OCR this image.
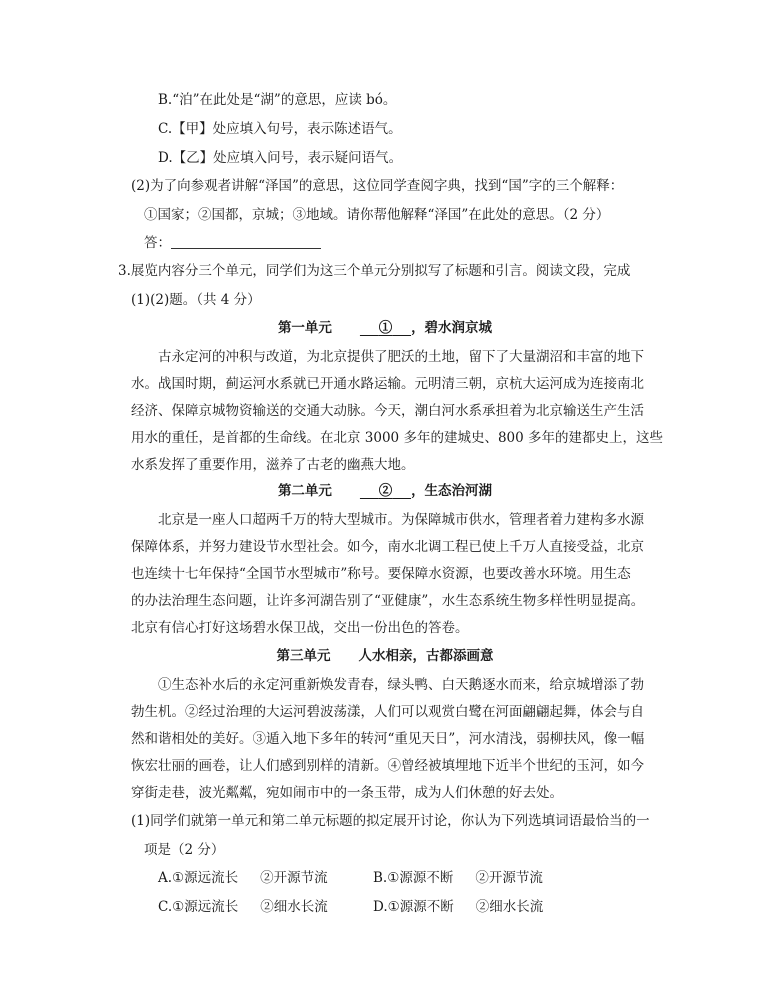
B.“泊”在此处是“湖”的意思，应读 bó。
C.【甲】处应填入句号，表示陈述语气。
D.【乙】处应填入问号，表示疑问语气。
(2)为了向参观者讲解“泽国”的意思，这位同学查阅字典，找到“国”字的三个解释：
①国家；②国都，京城；③地域。请你帮他解释“泽国”在此处的意思。（2 分）
答：
3.展览内容分三个单元，同学们为这三个单元分别拟写了标题和引言。阅读文段，完成
(1)(2)题。（共 4 分）
第一单元	① ，碧水润京城
古永定河的冲积与改道，为北京提供了肥沃的土地，留下了大量湖沼和丰富的地下
水。战国时期，蓟运河水系就已开通水路运输。元明清三朝，京杭大运河成为连接南北
经济、保障京城物资输送的交通大动脉。今天，潮白河水系承担着为北京输送生产生活
用水的重任，是首都的生命线。在北京 3000 多年的建城史、800 多年的建都史上，这些
水系发挥了重要作用，滋养了古老的幽燕大地。
第二单元	② ，生态治河湖
北京是一座人口超两千万的特大型城市。为保障城市供水，管理者着力建构多水源
保障体系，并努力建设节水型社会。如今，南水北调工程已使上千万人直接受益，北京
也连续十七年保持“全国节水型城市”称号。要保障水资源，也要改善水环境。用生态
的办法治理生态问题，让许多河湖告别了“亚健康”，水生态系统生物多样性明显提高。
北京有信心打好这场碧水保卫战，交出一份出色的答卷。
第三单元 人水相亲，古都添画意
①生态补水后的永定河重新焕发青春，绿头鸭、白天鹅逐水而来，给京城增添了勃
勃生机。②经过治理的大运河碧波荡漾，人们可以观赏白鹭在河面翩翩起舞，体会与自
然和谐相处的美好。③遁入地下多年的转河“重见天日”，河水清浅，弱柳扶风，像一幅
恢宏壮丽的画卷，让人们感到别样的清新。④曾经被填埋地下近半个世纪的玉河，如今
穿街走巷，波光粼粼，宛如闹市中的一条玉带，成为人们休憩的好去处。
(1)同学们就第一单元和第二单元标题的拟定展开讨论，你认为下列选填词语最恰当的一
项是（2 分）
A.①源远流长 ②开源节流	B.①源源不断 ②开源节流
C.①源远流长 ②细水长流	D.①源源不断 ②细水长流
